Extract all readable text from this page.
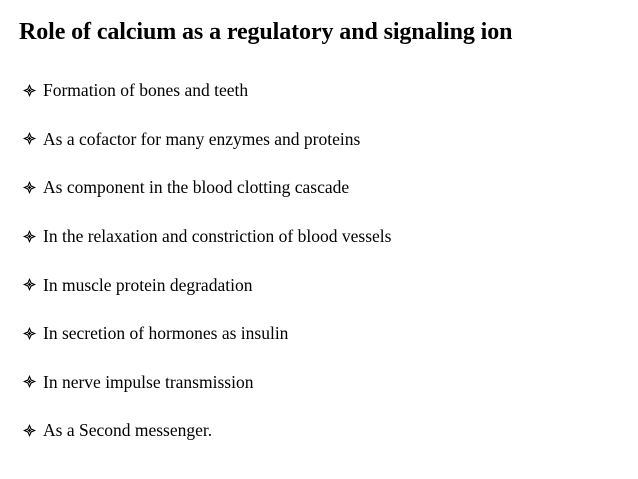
Role of calcium as a regulatory and signaling ion
Formation of bones and teeth
As a cofactor for many enzymes and proteins
As component in the blood clotting cascade
In the relaxation and constriction of blood vessels
In muscle protein degradation
In secretion of hormones as insulin
In nerve impulse transmission
As a Second messenger.
